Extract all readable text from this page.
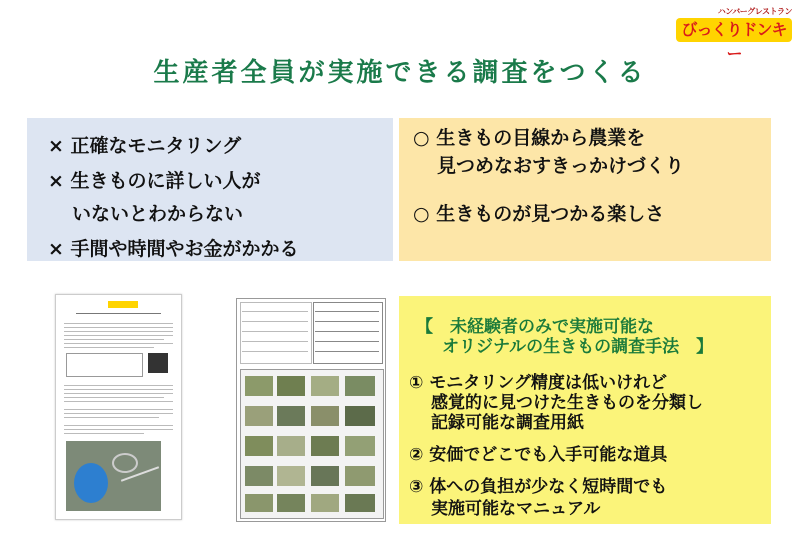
ハンバーグレストラン
びっくりドンキー
生産者全員が実施できる調査をつくる
× 正確なモニタリング
× 生きものに詳しい人が
いないとわからない
× 手間や時間やお金がかかる
○ 生きもの目線から農業を
見つめなおすきっかけづくり
○ 生きものが見つかる楽しさ
【　未経験者のみで実施可能な
オリジナルの生きもの調査手法　】
① モニタリング精度は低いけれど
感覚的に見つけた生きものを分類し
記録可能な調査用紙
② 安価でどこでも入手可能な道具
③ 体への負担が少なく短時間でも
実施可能なマニュアル
